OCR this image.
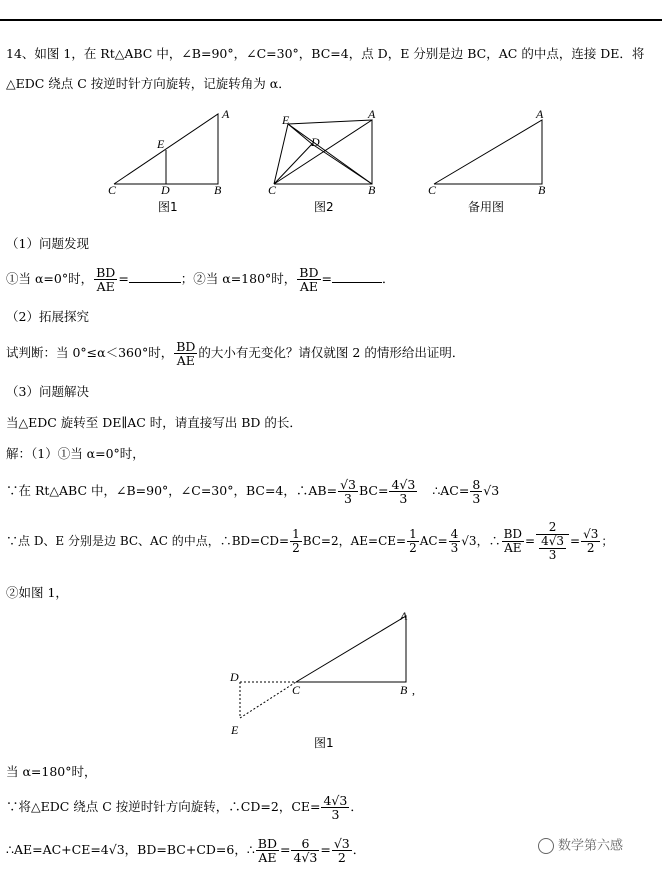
14、如图 1，在 Rt△ABC 中，∠B=90°，∠C=30°，BC=4，点 D，E 分别是边 BC，AC 的中点，连接 DE．将
△EDC 绕点 C 按逆时针方向旋转，记旋转角为 α．
A
B
C	D
E
图1
A
B
C
D
E
图2
A
B
C
备用图
（1）问题发现
①当 α=0°时， $\frac{BD}{AE}$ =	；②当 α=180°时， $\frac{BD}{AE}$ =	．
（2）拓展探究
试判断：当 0°≤α＜360°时， $\frac{BD}{AE}$ 的大小有无变化？请仅就图 2 的情形给出证明．
（3）问题解决
当△EDC 旋转至 DE∥AC 时，请直接写出 BD 的长．
解：（1）①当 α=0°时，
∵在 Rt△ABC 中，∠B=90°，∠C=30°，BC=4，∴AB= $\frac{√3}{3} BC= \frac{4√3}{3}$ ∴AC= $\frac{8}{3} √3$
∵点 D、E 分别是边 BC、AC 的中点，∴BD=CD= $\frac{1}{2} BC=2$，$AE=CE= \frac{1}{2} AC= \frac{4}{3} √3$，∴ $\frac{BD}{AE} = \frac{2}{\frac{4√3}{3}} = \frac{√3}{2}$ ；
②如图 1，
A
B ,
C
D
E
图1
当 α=180°时，
∵将△EDC 绕点 C 按逆时针方向旋转，∴CD=2，$CE= \frac{4√3}{3}$ ．
∴AE=AC+CE=4√3，BD=BC+CD=6，∴ $\frac{BD}{AE} = \frac{6}{4√3} = \frac{√3}{2}$ ．	数学第六感
